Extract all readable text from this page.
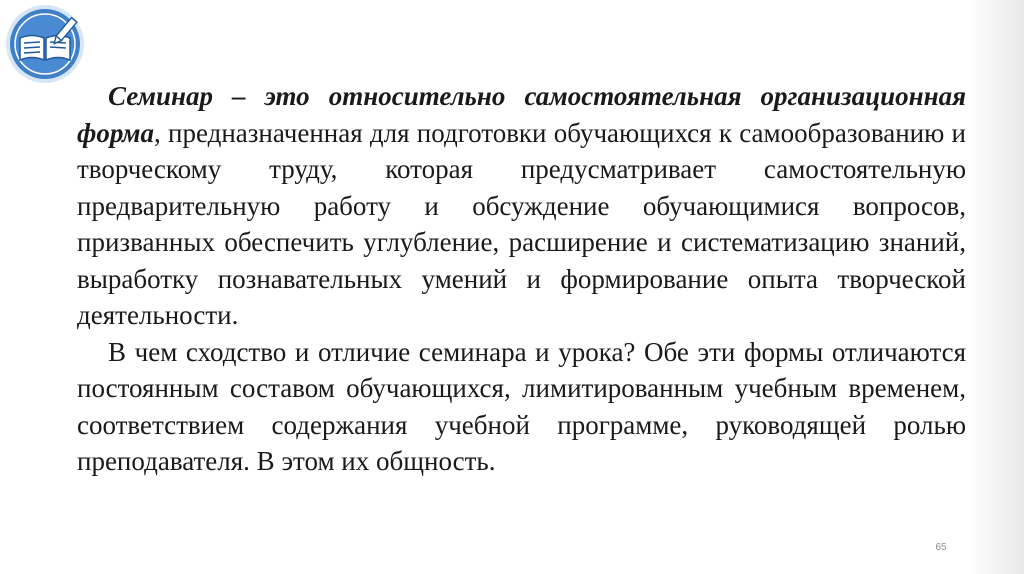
Семинар – это относительно самостоятельная организационная форма, предназначенная для подготовки обучающихся к самообразованию и творческому труду, которая предусматривает самостоятельную предварительную работу и обсуждение обучающимися вопросов, призванных обеспечить углубление, расширение и систематизацию знаний, выработку познавательных умений и формирование опыта творческой деятельности.

В чем сходство и отличие семинара и урока? Обе эти формы отличаются постоянным составом обучающихся, лимитированным учебным временем, соответствием содержания учебной программе, руководящей ролью преподавателя. В этом их общность.

65
